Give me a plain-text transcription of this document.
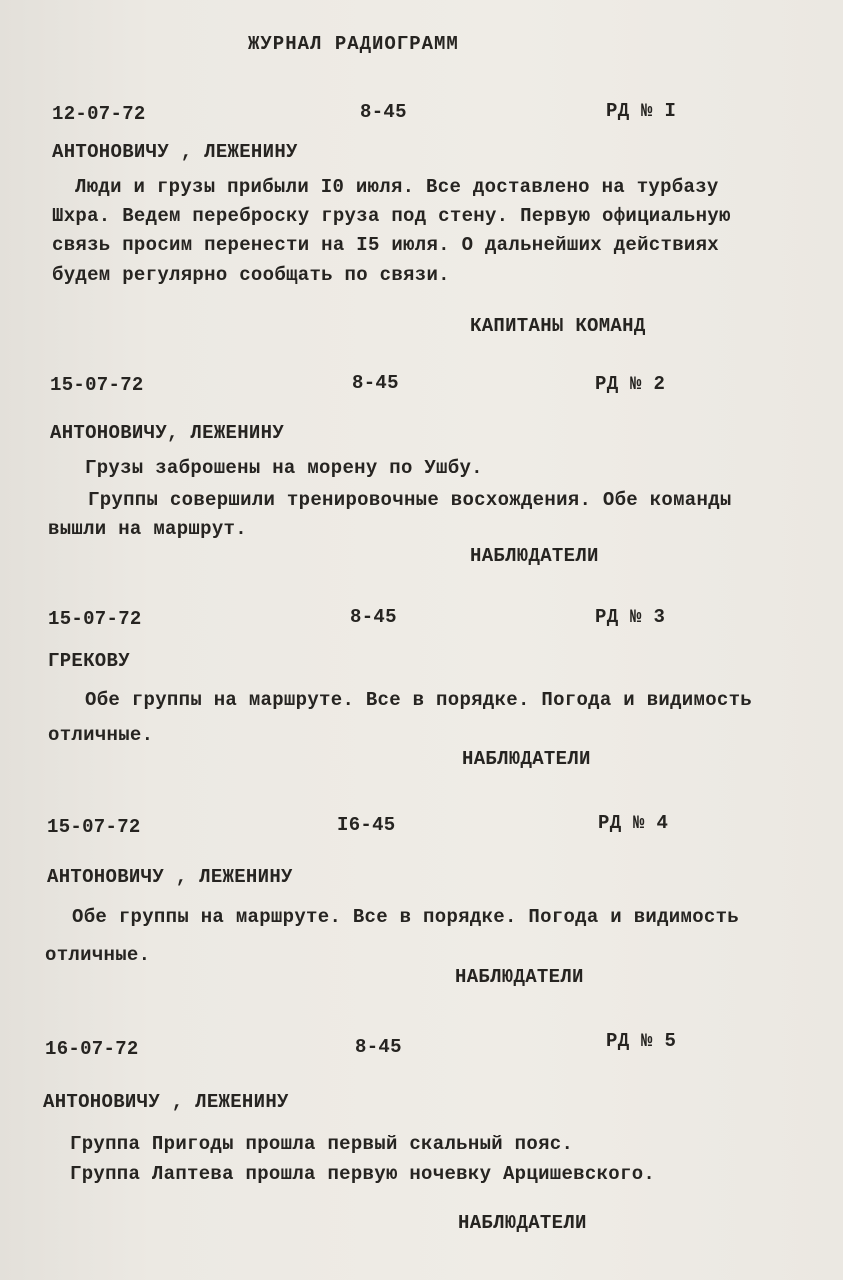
ЖУРНАЛ РАДИОГРАММ
12-07-72	8-45	РД № I
АНТОНОВИЧУ , ЛЕЖЕНИНУ
Люди и грузы прибыли I0 июля. Все доставлено на турбазу
Шхра. Ведем переброску груза под стену. Первую официальную
связь просим перенести на I5 июля. О дальнейших действиях
будем регулярно сообщать по связи.
КАПИТАНЫ КОМАНД
15-07-72	8-45	РД № 2
АНТОНОВИЧУ, ЛЕЖЕНИНУ
Грузы заброшены на морену по Ушбу.
Группы совершили тренировочные восхождения. Обе команды
вышли на маршрут.
НАБЛЮДАТЕЛИ
15-07-72	8-45	РД № 3
ГРЕКОВУ
Обе группы на маршруте. Все в порядке. Погода и видимость
отличные.
НАБЛЮДАТЕЛИ
15-07-72	I6-45	РД № 4
АНТОНОВИЧУ , ЛЕЖЕНИНУ
Обе группы на маршруте. Все в порядке. Погода и видимость
отличные.
НАБЛЮДАТЕЛИ
16-07-72	8-45	РД № 5
АНТОНОВИЧУ , ЛЕЖЕНИНУ
Группа Пригоды прошла первый скальный пояс.
Группа Лаптева прошла первую ночевку Арцишевского.
НАБЛЮДАТЕЛИ
